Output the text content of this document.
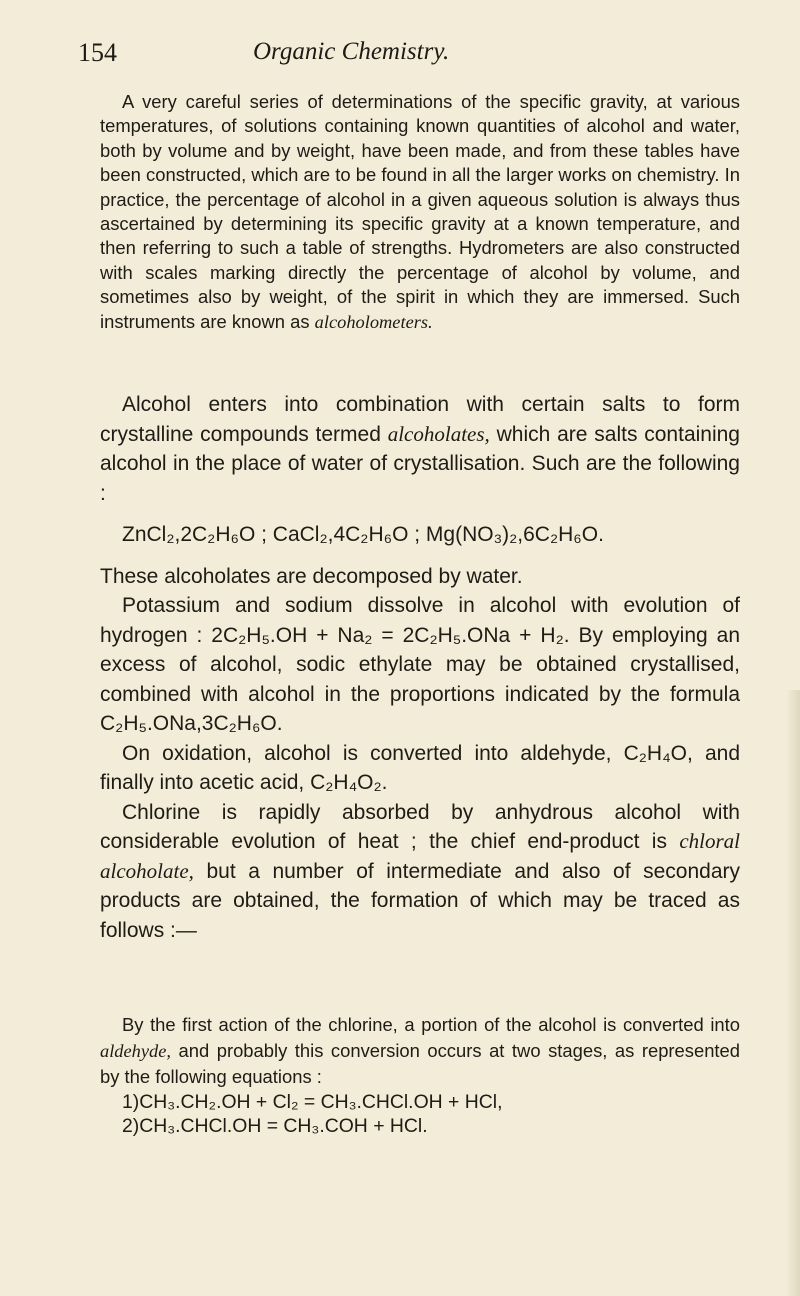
154	Organic Chemistry.

A very careful series of determinations of the specific gravity, at various temperatures, of solutions containing known quantities of alcohol and water, both by volume and by weight, have been made, and from these tables have been constructed, which are to be found in all the larger works on chemistry. In practice, the percentage of alcohol in a given aqueous solution is always thus ascertained by determining its specific gravity at a known temperature, and then referring to such a table of strengths. Hydrometers are also constructed with scales marking directly the percentage of alcohol by volume, and sometimes also by weight, of the spirit in which they are immersed. Such instruments are known as alcoholometers.

Alcohol enters into combination with certain salts to form crystalline compounds termed alcoholates, which are salts containing alcohol in the place of water of crystallisation. Such are the following :

ZnCl₂,2C₂H₆O ; CaCl₂,4C₂H₆O ; Mg(NO₃)₂,6C₂H₆O.

These alcoholates are decomposed by water.

Potassium and sodium dissolve in alcohol with evolution of hydrogen : 2C₂H₅.OH + Na₂ = 2C₂H₅.ONa + H₂. By employing an excess of alcohol, sodic ethylate may be obtained crystallised, combined with alcohol in the proportions indicated by the formula C₂H₅.ONa,3C₂H₆O.

On oxidation, alcohol is converted into aldehyde, C₂H₄O, and finally into acetic acid, C₂H₄O₂.

Chlorine is rapidly absorbed by anhydrous alcohol with considerable evolution of heat ; the chief end-product is chloral alcoholate, but a number of intermediate and also of secondary products are obtained, the formation of which may be traced as follows :—

By the first action of the chlorine, a portion of the alcohol is converted into aldehyde, and probably this conversion occurs at two stages, as represented by the following equations :

1)CH₃.CH₂.OH + Cl₂ = CH₃.CHCl.OH + HCl,
2)CH₃.CHCl.OH = CH₃.COH + HCl.
